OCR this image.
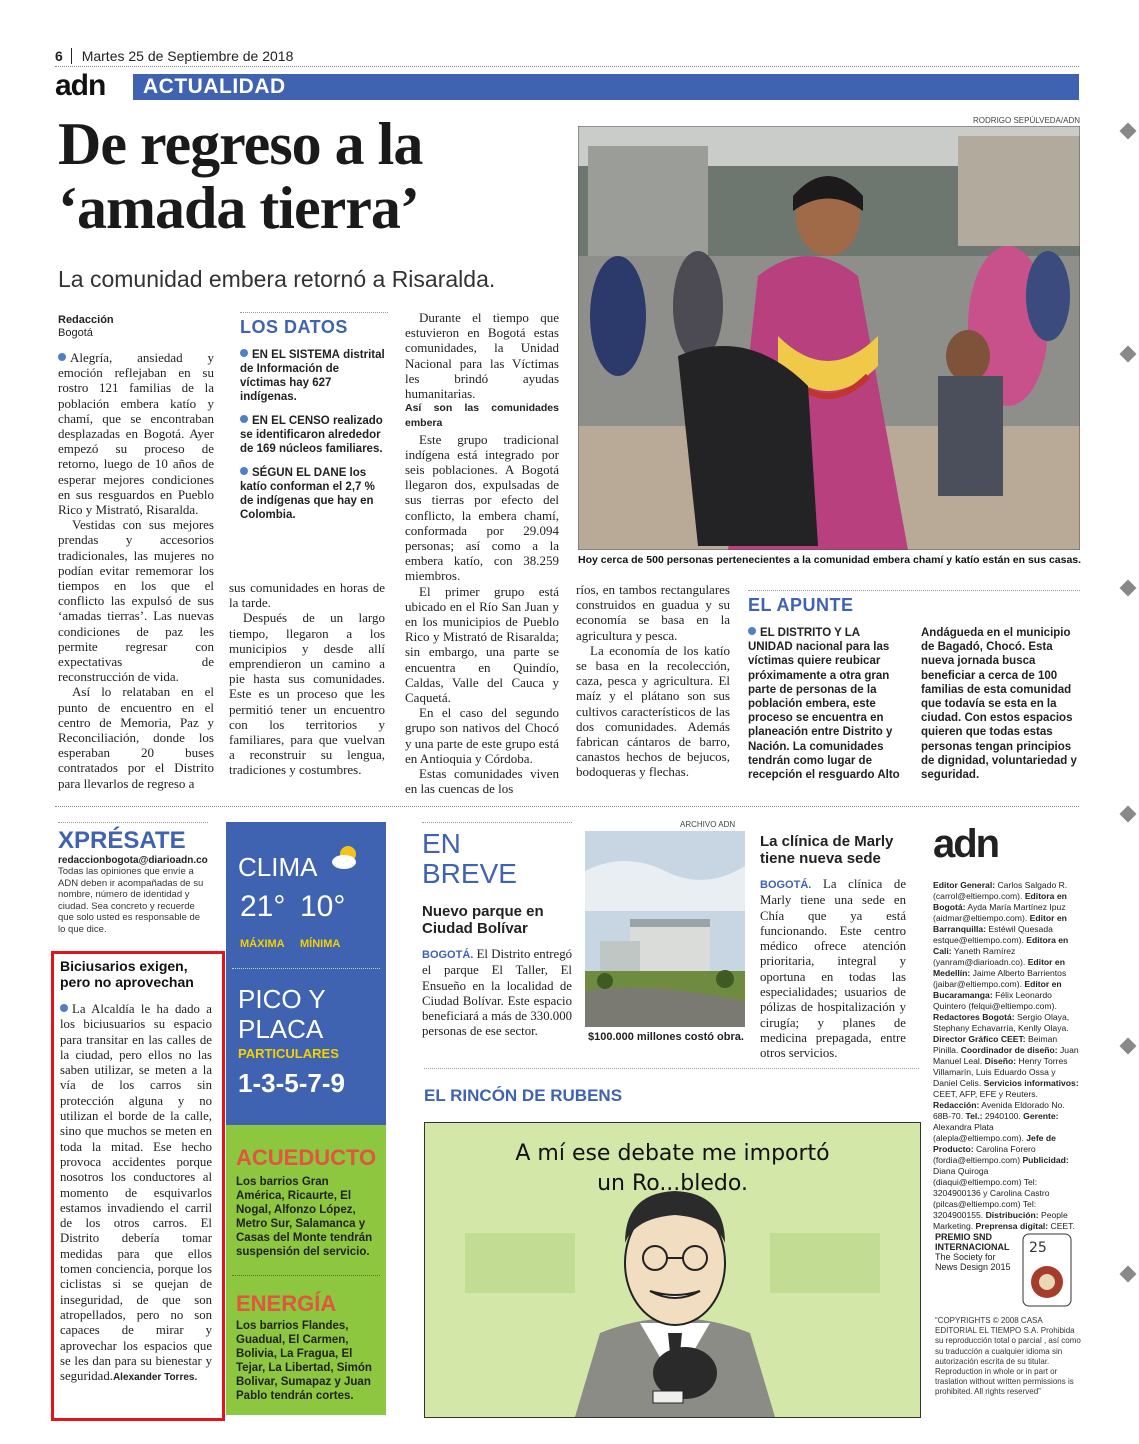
6 Martes 25 de Septiembre de 2018
adn	ACTUALIDAD
De regreso a la
‘amada tierra’
La comunidad embera retornó a Risaralda.
RODRIGO SEPÚLVEDA/ADN
Hoy cerca de 500 personas pertenecientes a la comunidad embera chamí y katío están en sus casas.
Redacción
Bogotá

Alegría, ansiedad y emoción reflejaban en su rostro 121 familias de la población embera katío y chamí, que se encontraban desplazadas en Bogotá. Ayer empezó su proceso de retorno, luego de 10 años de esperar mejores condiciones en sus resguardos en Pueblo Rico y Mistrató, Risaralda.

Vestidas con sus mejores prendas y accesorios tradicionales, las mujeres no podían evitar rememorar los tiempos en los que el conflicto las expulsó de sus ‘amadas tierras’. Las nuevas condiciones de paz les permite regresar con expectativas de reconstrucción de vida.

Así lo relataban en el punto de encuentro en el centro de Memoria, Paz y Reconciliación, donde los esperaban 20 buses contratados por el Distrito para llevarlos de regreso a

LOS DATOS
EN EL SISTEMA distrital de Información de víctimas hay 627 indígenas.
EN EL CENSO realizado se identificaron alrededor de 169 núcleos familiares.
SÉGUN EL DANE los katío conforman el 2,7 % de indígenas que hay en Colombia.

sus comunidades en horas de la tarde.

Después de un largo tiempo, llegaron a los municipios y desde allí emprendieron un camino a pie hasta sus comunidades. Este es un proceso que les permitió tener un encuentro con los territorios y familiares, para que vuelvan a reconstruir su lengua, tradiciones y costumbres.

Durante el tiempo que estuvieron en Bogotá estas comunidades, la Unidad Nacional para las Víctimas les brindó ayudas humanitarias.

Así son las comunidades embera

Este grupo tradicional indígena está integrado por seis poblaciones. A Bogotá llegaron dos, expulsadas de sus tierras por efecto del conflicto, la embera chamí, conformada por 29.094 personas; así como a la embera katío, con 38.259 miembros.

El primer grupo está ubicado en el Río San Juan y en los municipios de Pueblo Rico y Mistrató de Risaralda; sin embargo, una parte se encuentra en Quindío, Caldas, Valle del Cauca y Caquetá.

En el caso del segundo grupo son nativos del Chocó y una parte de este grupo está en Antioquia y Córdoba.

Estas comunidades viven en las cuencas de los

ríos, en tambos rectangulares construidos en guadua y su economía se basa en la agricultura y pesca.

La economía de los katío se basa en la recolección, caza, pesca y agricultura. El maíz y el plátano son sus cultivos característicos de las dos comunidades. Además fabrican cántaros de barro, canastos hechos de bejucos, bodoqueras y flechas.

EL APUNTE
EL DISTRITO Y LA UNIDAD nacional para las víctimas quiere reubicar próximamente a otra gran parte de personas de la población embera, este proceso se encuentra en planeación entre Distrito y Nación. La comunidades tendrán como lugar de recepción el resguardo Alto
Andágueda en el municipio de Bagadó, Chocó. Esta nueva jornada busca beneficiar a cerca de 100 familias de esta comunidad que todavía se esta en la ciudad. Con estos espacios quieren que todas estas personas tengan principios de dignidad, voluntariedad y seguridad.
XPRÉSATE
redaccionbogota@diarioadn.co
Todas las opiniones que envíe a ADN deben ir acompañadas de su nombre, número de identidad y ciudad. Sea concreto y recuerde que solo usted es responsable de lo que dice.
Biciusarios exigen, pero no aprovechan
La Alcaldía le ha dado a los biciusuarios su espacio para transitar en las calles de la ciudad, pero ellos no las saben utilizar, se meten a la vía de los carros sin protección alguna y no utilizan el borde de la calle, sino que muchos se meten en toda la mitad. Ese hecho provoca accidentes porque nosotros los conductores al momento de esquivarlos estamos invadiendo el carril de los otros carros. El Distrito debería tomar medidas para que ellos tomen conciencia, porque los ciclistas si se quejan de inseguridad, de que son atropellados, pero no son capaces de mirar y aprovechar los espacios que se les dan para su bienestar y seguridad.Alexander Torres.
CLIMA
21° 10°
MÁXIMA MÍNIMA
PICO Y
PLACA
PARTICULARES
1-3-5-7-9
ACUEDUCTO
Los barrios Gran América, Ricaurte, El Nogal, Alfonzo López, Metro Sur, Salamanca y Casas del Monte tendrán suspensión del servicio.
ENERGÍA
Los barrios Flandes, Guadual, El Carmen, Bolivia, La Fragua, El Tejar, La Libertad, Simón Bolivar, Sumapaz y Juan Pablo tendrán cortes.
EN
BREVE
Nuevo parque en Ciudad Bolívar
BOGOTÁ. El Distrito entregó el parque El Taller, El Ensueño en la localidad de Ciudad Bolívar. Este espacio beneficiará a más de 330.000 personas de ese sector.
ARCHIVO ADN
$100.000 millones costó obra.
La clínica de Marly tiene nueva sede
BOGOTÁ. La clínica de Marly tiene una sede en Chía que ya está funcionando. Este centro médico ofrece atención prioritaria, integral y oportuna en todas las especialidades; usuarios de pólizas de hospitalización y cirugía; y planes de medicina prepagada, entre otros servicios.
adn
Editor General: Carlos Salgado R. (carrol@eltiempo.com). Editora en Bogotá: Ayda María Martínez Ipuz (aidmar@eltiempo.com). Editor en Barranquilla: Estéwil Quesada estque@eltiempo.com). Editora en Cali: Yaneth Ramírez (yanram@diarioadn.co). Editor en Medellín: Jaime Alberto Barrientos (jaibar@eltiempo.com). Editor en Bucaramanga: Félix Leonardo Quintero (felqui@eltiempo.com). Redactores Bogotá: Sergio Olaya, Stephany Echavarría, Kenlly Olaya. Director Gráfico CEET: Beiman Pinilla. Coordinador de diseño: Juan Manuel Leal. Diseño: Henry Torres Villamarín, Luis Eduardo Ossa y Daniel Celis. Servicios informativos: CEET, AFP, EFE y Reuters. Redacción: Avenida Eldorado No. 68B-70. Tel.: 2940100. Gerente: Alexandra Plata (alepla@eltiempo.com). Jefe de Producto: Carolina Forero (fordia@eltiempo.com) Publicidad: Diana Quiroga (diaqui@eltiempo.com) Tel: 3204900136 y Carolina Castro (pilcas@eltiempo.com) Tel: 3204900155. Distribución: People Marketing. Preprensa digital: CEET.
PREMIO SND INTERNACIONAL
The Society for News Design 2015
25
“COPYRIGHTS © 2008 CASA EDITORIAL EL TIEMPO S.A. Prohibida su reproducción total o parcial , así como su traducción a cualquier idioma sin autorización escrita de su titular. Reproduction in whole or in part or traslation without written permissions is prohibited. All rights reserved”
EL RINCÓN DE RUBENS
A mí ese debate me importó
un Ro...bledo.
